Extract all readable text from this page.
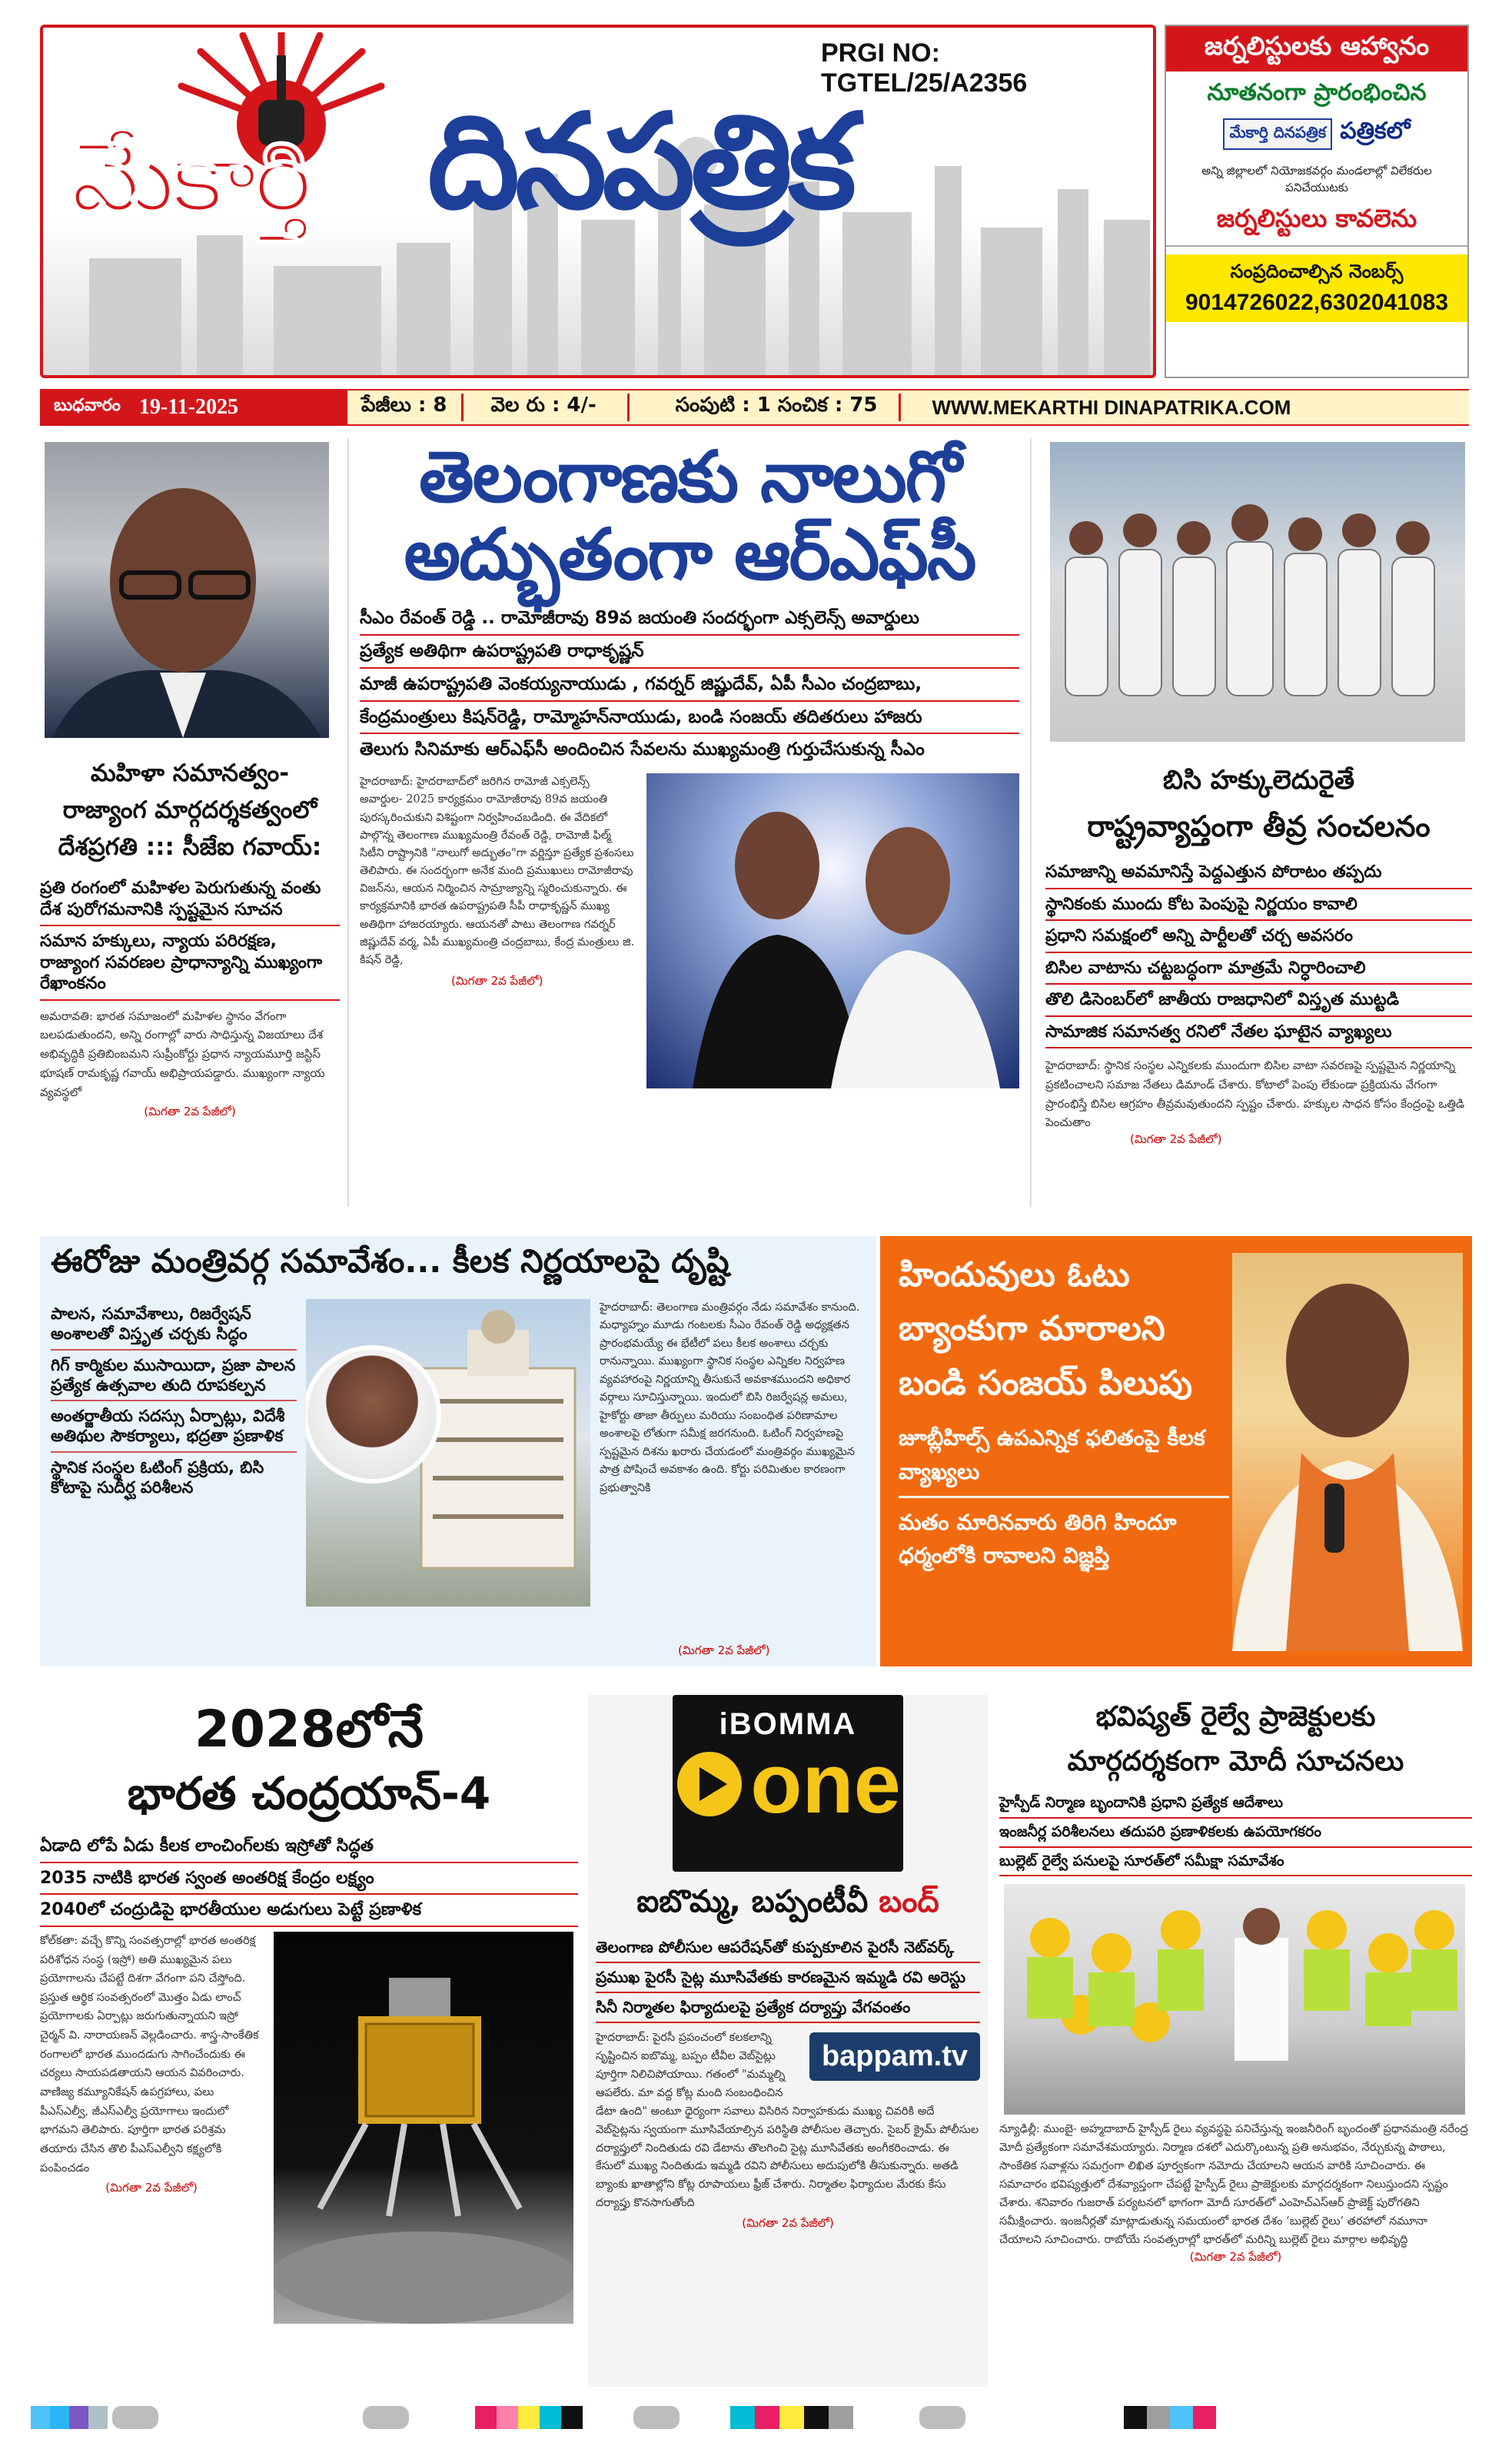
PRGI NO: TGTEL/25/A2356
మేకార్తి దినపత్రిక
జర్నలిస్టులకు ఆహ్వానం
నూతనంగా ప్రారంభించిన
మేకార్తి దినపత్రిక పత్రికలో
అన్ని జిల్లాలలో నియోజకవర్గం మండలాల్లో విలేకరుల పనిచేయుటకు
జర్నలిస్టులు కావలెను
సంప్రదించాల్సిన నెంబర్స్
9014726022,6302041083
బుధవారం 19-11-2025	పేజీలు : 8	వెల రు : 4/-	సంపుటి : 1 సంచిక : 75	WWW.MEKARTHI DINAPATRIKA.COM
మహిళా సమానత్వం- రాజ్యాంగ మార్గదర్శకత్వంలో దేశప్రగతి ::: సీజేఐ గవాయ్:
ప్రతి రంగంలో మహిళల పెరుగుతున్న వంతు దేశ పురోగమనానికి స్పష్టమైన సూచన
సమాన హక్కులు, న్యాయ పరిరక్షణ, రాజ్యాంగ సవరణల ప్రాధాన్యాన్ని ముఖ్యంగా రేఖాంకనం
అమరావతి: భారత సమాజంలో మహిళల స్థానం వేగంగా బలపడుతుందని, అన్ని రంగాల్లో వారు సాధిస్తున్న విజయాలు దేశ అభివృద్ధికి ప్రతిబింబమని సుప్రీంకోర్టు ప్రధాన న్యాయమూర్తి జస్టిస్ భూషణ్ రామకృష్ణ గవాయ్ అభిప్రాయపడ్డారు. ముఖ్యంగా న్యాయ వ్యవస్థలో
(మిగతా 2వ పేజీలో)
తెలంగాణకు నాలుగో
అద్భుతంగా ఆర్ఎఫ్‌సీ
సీఎం రేవంత్ రెడ్డి .. రామోజీరావు 89వ జయంతి సందర్భంగా ఎక్సలెన్స్ అవార్డులు
ప్రత్యేక అతిథిగా ఉపరాష్ట్రపతి రాధాకృష్ణన్
మాజీ ఉపరాష్ట్రపతి వెంకయ్యనాయుడు , గవర్నర్ జిష్ణుదేవ్, ఏపీ సీఎం చంద్రబాబు,
కేంద్రమంత్రులు కిషన్‌రెడ్డి, రామ్మోహన్‌నాయుడు, బండి సంజయ్ తదితరులు హాజరు
తెలుగు సినిమాకు ఆర్ఎఫ్‌సీ అందించిన సేవలను ముఖ్యమంత్రి గుర్తుచేసుకున్న సీఎం
హైదరాబాద్: హైదరాబాద్‌లో జరిగిన రామోజీ ఎక్సలెన్స్ అవార్డుల- 2025 కార్యక్రమం రామోజీరావు 89వ జయంతి పురస్కరించుకుని విశిష్టంగా నిర్వహించబడింది. ఈ వేదికలో పాల్గొన్న తెలంగాణ ముఖ్యమంత్రి రేవంత్ రెడ్డి, రామోజీ ఫిల్మ్ సిటీని రాష్ట్రానికి "నాలుగో అద్భుతం"గా వర్ణిస్తూ ప్రత్యేక ప్రశంసలు తెలిపారు. ఈ సందర్భంగా అనేక మంది ప్రముఖులు రామోజీరావు విజన్‌ను, ఆయన నిర్మించిన సామ్రాజ్యాన్ని స్మరించుకున్నారు. ఈ కార్యక్రమానికి భారత ఉపరాష్ట్రపతి సీపీ రాధాకృష్ణన్ ముఖ్య అతిథిగా హాజరయ్యారు. ఆయనతో పాటు తెలంగాణ గవర్నర్ జిష్ణుదేవ్ వర్మ, ఏపీ ముఖ్యమంత్రి చంద్రబాబు, కేంద్ర మంత్రులు జి. కిషన్ రెడ్డి,
(మిగతా 2వ పేజీలో)
బిసి హక్కులెదురైతే
రాష్ట్రవ్యాప్తంగా తీవ్ర సంచలనం
సమాజాన్ని అవమానిస్తే పెద్దఎత్తున పోరాటం తప్పదు
స్థానికంకు ముందు కోట పెంపుపై నిర్ణయం కావాలి
ప్రధాని సమక్షంలో అన్ని పార్టీలతో చర్చ అవసరం
బిసిల వాటాను చట్టబద్ధంగా మాత్రమే నిర్ధారించాలి
తొలి డిసెంబర్‌లో జాతీయ రాజధానిలో విస్తృత ముట్టడి
సామాజిక సమానత్వ రనిలో నేతల ఘాటైన వ్యాఖ్యలు
హైదరాబాద్: స్థానిక సంస్థల ఎన్నికలకు ముందుగా బిసిల వాటా సవరణపై స్పష్టమైన నిర్ణయాన్ని ప్రకటించాలని సమాజ నేతలు డిమాండ్ చేశారు. కోటాలో పెంపు లేకుండా ప్రక్రియను వేగంగా ప్రారంభిస్తే బిసిల ఆగ్రహం తీవ్రమవుతుందని స్పష్టం చేశారు. హక్కుల సాధన కోసం కేంద్రంపై ఒత్తిడి పెంచుతాం
(మిగతా 2వ పేజీలో)
ఈరోజు మంత్రివర్గ సమావేశం... కీలక నిర్ణయాలపై దృష్టి
పాలన, సమావేశాలు, రిజర్వేషన్ అంశాలతో విస్తృత చర్చకు సిద్ధం
గిగ్ కార్మికుల ముసాయిదా, ప్రజా పాలన ప్రత్యేక ఉత్సవాల తుది రూపకల్పన
అంతర్జాతీయ సదస్సు ఏర్పాట్లు, విదేశీ అతిథుల సౌకర్యాలు, భద్రతా ప్రణాళిక
స్థానిక సంస్థల ఓటింగ్ ప్రక్రియ, బిసి కోటాపై సుదీర్ఘ పరిశీలన
హైదరాబాద్: తెలంగాణ మంత్రివర్గం నేడు సమావేశం కానుంది. మధ్యాహ్నం మూడు గంటలకు సీఎం రేవంత్ రెడ్డి అధ్యక్షతన ప్రారంభమయ్యే ఈ భేటీలో పలు కీలక అంశాలు చర్చకు రానున్నాయి. ముఖ్యంగా స్థానిక సంస్థల ఎన్నికల నిర్వహణ వ్యవహారంపై నిర్ణయాన్ని తీసుకునే అవకాశముందని అధికార వర్గాలు సూచిస్తున్నాయి. ఇందులో బిసి రిజర్వేషన్ల అమలు, హైకోర్టు తాజా తీర్పులు మరియు సంబంధిత పరిణామాల అంశాలపై లోతుగా సమీక్ష జరగనుంది. ఓటింగ్ నిర్వహణపై స్పష్టమైన దిశను ఖరారు చేయడంలో మంత్రివర్గం ముఖ్యమైన పాత్ర పోషించే అవకాశం ఉంది. కోర్టు పరిమితుల కారణంగా ప్రభుత్వానికి
(మిగతా 2వ పేజీలో)
హిందువులు ఓటు
బ్యాంకుగా మారాలని
బండి సంజయ్ పిలుపు
జూబ్లీహిల్స్ ఉపఎన్నిక ఫలితంపై కీలక వ్యాఖ్యలు
మతం మారినవారు తిరిగి హిందూ ధర్మంలోకి రావాలని విజ్ఞప్తి
2028లోనే
భారత చంద్రయాన్-4
ఏడాది లోపే ఏడు కీలక లాంచింగ్‌లకు ఇస్రో‌తో సిద్ధత
2035 నాటికి భారత స్వంత అంతరిక్ష కేంద్రం లక్ష్యం
2040లో చంద్రుడిపై భారతీయుల అడుగులు పెట్టే ప్రణాళిక
కోల్‌కతా: వచ్చే కొన్ని సంవత్సరాల్లో భారత అంతరిక్ష పరిశోధన సంస్థ (ఇస్రో) అతి ముఖ్యమైన పలు ప్రయోగాలను చేపట్టే దిశగా వేగంగా పని చేస్తోంది. ప్రస్తుత ఆర్థిక సంవత్సరంలో మొత్తం ఏడు లాంచ్ ప్రయోగాలకు ఏర్పాట్లు జరుగుతున్నాయని ఇస్రో చైర్మన్ వి. నారాయణన్ వెల్లడించారు. శాస్త్ర-సాంకేతిక రంగాలలో భారత ముందడుగు సాగించేందుకు ఈ చర్యలు సాయపడతాయని ఆయన వివరించారు. వాణిజ్య కమ్యూనికేషన్ ఉపగ్రహాలు, పలు పీఎస్‌ఎల్వీ, జీఎస్‌ఎల్వీ ప్రయోగాలు ఇందులో భాగమని తెలిపారు. పూర్తిగా భారత పరిశ్రమ తయారు చేసిన తొలి పీఎస్‌ఎల్వీని కక్ష్యలోకి పంపించడం
(మిగతా 2వ పేజీలో)
iBOMMA
one
ఐబొమ్మ, బప్పంటీవీ బంద్
తెలంగాణ పోలీసుల ఆపరేషన్‌తో కుప్పకూలిన పైరసీ నెట్‌వర్క్
ప్రముఖ పైరసీ సైట్ల మూసివేతకు కారణమైన ఇమ్మడి రవి అరెస్టు
సినీ నిర్మాతల ఫిర్యాదులపై ప్రత్యేక దర్యాప్తు వేగవంతం
bappam.tv
హైదరాబాద్: పైరసీ ప్రపంచంలో కలకలాన్ని సృష్టించిన ఐబొమ్మ, బప్పం టీవీల వెబ్‌సైట్లు పూర్తిగా నిలిచిపోయాయి. గతంలో "మమ్మల్ని ఆపలేరు. మా వద్ద కోట్ల మంది సంబంధించిన డేటా ఉంది" అంటూ ధైర్యంగా సవాలు విసిరిన నిర్వాహకుడు ముఖ్య చివరికి అదే వెబ్‌సైట్లను స్వయంగా మూసివేయాల్సిన పరిస్థితి పోలీసుల తెచ్చారు. సైబర్ క్రైమ్ పోలీసుల దర్యాప్తులో నిందితుడు రవి డేటాను తొలగించి సైట్ల మూసివేతకు అంగీకరించాడు. ఈ కేసులో ముఖ్య నిందితుడు ఇమ్మడి రవిని పోలీసులు అదుపులోకి తీసుకున్నారు. అతడి బ్యాంకు ఖాతాల్లోని కోట్ల రూపాయలు ఫ్రీజ్ చేశారు. నిర్మాతల ఫిర్యాదుల మేరకు కేసు దర్యాప్తు కొనసాగుతోంది
(మిగతా 2వ పేజీలో)
భవిష్యత్ రైల్వే ప్రాజెక్టులకు
మార్గదర్శకంగా మోదీ సూచనలు
హైస్పీడ్ నిర్మాణ బృందానికి ప్రధాని ప్రత్యేక ఆదేశాలు
ఇంజనీర్ల పరిశీలనలు తదుపరి ప్రణాళికలకు ఉపయోగకరం
బుల్లెట్ రైల్వే పనులపై సూరత్‌లో సమీక్షా సమావేశం
న్యూఢిల్లీ: ముంబై- అహ్మదాబాద్ హైస్పీడ్ రైలు వ్యవస్థపై పనిచేస్తున్న ఇంజనీరింగ్ బృందంతో ప్రధానమంత్రి నరేంద్ర మోదీ ప్రత్యేకంగా సమావేశమయ్యారు. నిర్మాణ దశలో ఎదుర్కొంటున్న ప్రతి అనుభవం, నేర్చుకున్న పాఠాలు, సాంకేతిక సవాళ్లను సమగ్రంగా లిఖిత పూర్వకంగా నమోదు చేయాలని ఆయన వారికి సూచించారు. ఈ సమాచారం భవిష్యత్తులో దేశవ్యాప్తంగా చేపట్టే హైస్పీడ్ రైలు ప్రాజెక్టులకు మార్గదర్శకంగా నిలుస్తుందని స్పష్టం చేశారు. శనివారం గుజరాత్ పర్యటనలో భాగంగా మోదీ సూరత్‌లో ఎంహెచ్ఎస్ఆర్ ప్రాజెక్ట్ పురోగతిని సమీక్షించారు. ఇంజనీర్లతో మాట్లాడుతున్న సమయంలో భారత దేశం ‘బుల్లెట్ రైలు’ తరహాలో నమూనా చేయాలని సూచించారు. రాబోయే సంవత్సరాల్లో భారత్‌లో మరిన్ని బుల్లెట్ రైలు మార్గాల అభివృద్ధి
(మిగతా 2వ పేజీలో)
